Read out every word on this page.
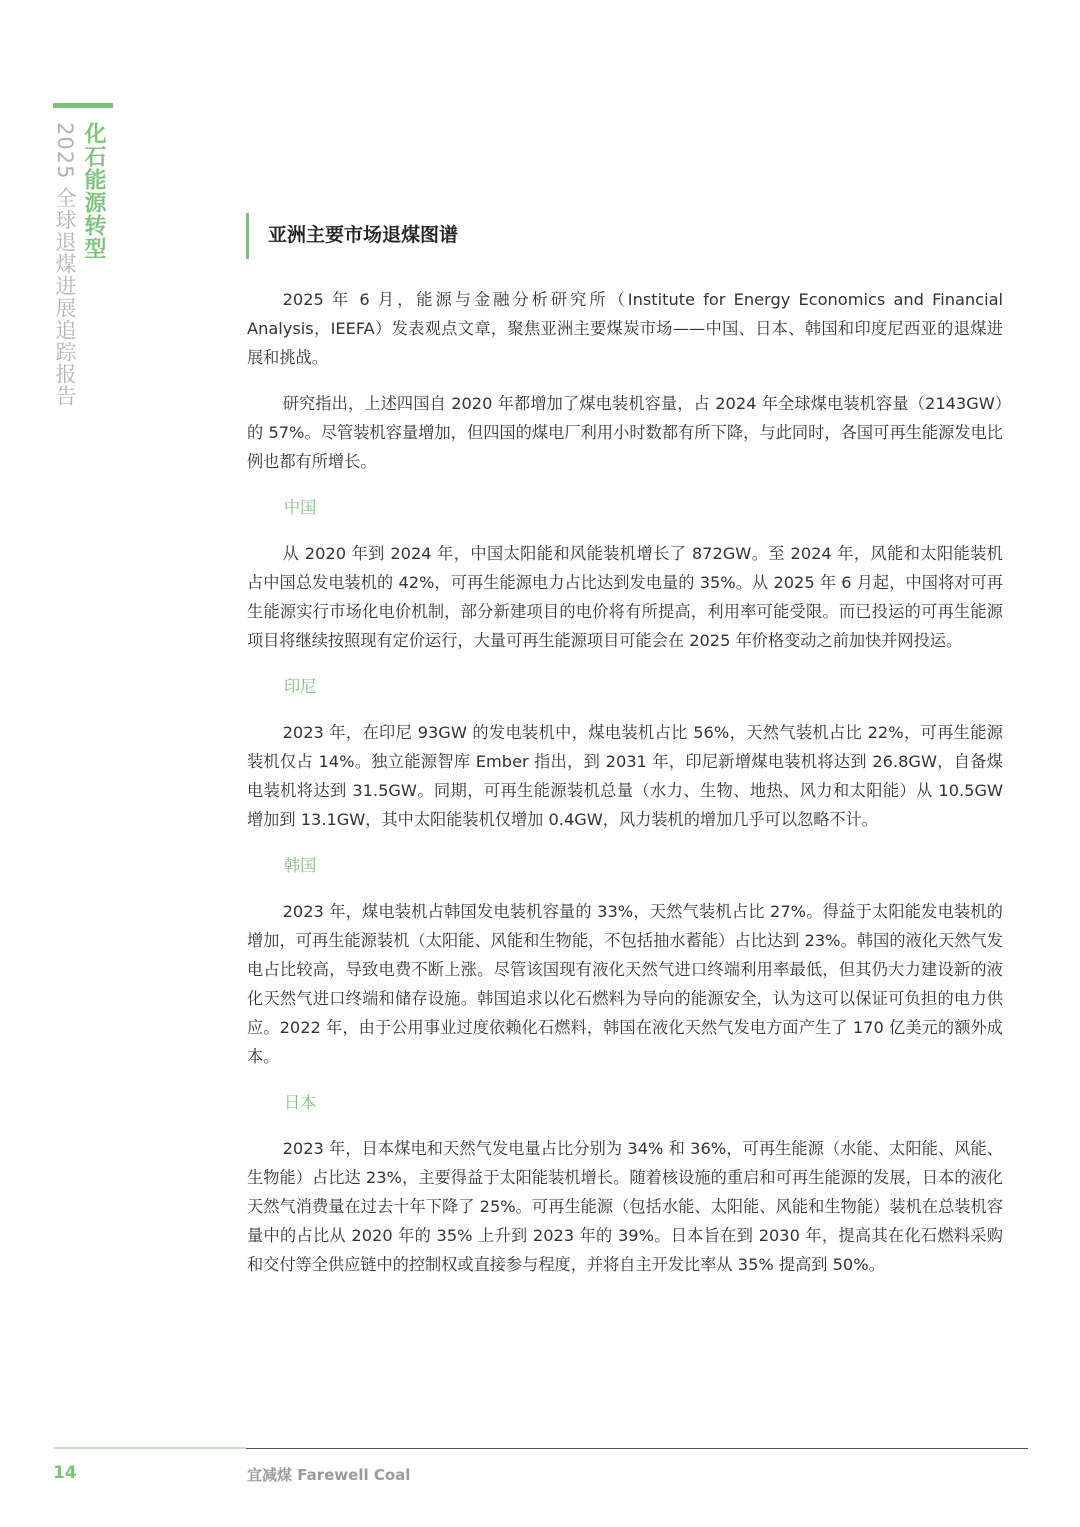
化石能源转型
2025 全球退煤进展追踪报告	亚洲主要市场退煤图谱

2025 年 6 月，能源与金融分析研究所（Institute for Energy Economics and Financial Analysis，IEEFA）发表观点文章，聚焦亚洲主要煤炭市场——中国、日本、韩国和印度尼西亚的退煤进展和挑战。

研究指出，上述四国自 2020 年都增加了煤电装机容量，占 2024 年全球煤电装机容量（2143GW）的 57%。尽管装机容量增加，但四国的煤电厂利用小时数都有所下降，与此同时，各国可再生能源发电比例也都有所增长。

中国

从 2020 年到 2024 年，中国太阳能和风能装机增长了 872GW。至 2024 年，风能和太阳能装机占中国总发电装机的 42%，可再生能源电力占比达到发电量的 35%。从 2025 年 6 月起，中国将对可再生能源实行市场化电价机制，部分新建项目的电价将有所提高，利用率可能受限。而已投运的可再生能源项目将继续按照现有定价运行，大量可再生能源项目可能会在 2025 年价格变动之前加快并网投运。

印尼

2023 年，在印尼 93GW 的发电装机中，煤电装机占比 56%，天然气装机占比 22%，可再生能源装机仅占 14%。独立能源智库 Ember 指出，到 2031 年，印尼新增煤电装机将达到 26.8GW，自备煤电装机将达到 31.5GW。同期，可再生能源装机总量（水力、生物、地热、风力和太阳能）从 10.5GW 增加到 13.1GW，其中太阳能装机仅增加 0.4GW，风力装机的增加几乎可以忽略不计。

韩国

2023 年，煤电装机占韩国发电装机容量的 33%，天然气装机占比 27%。得益于太阳能发电装机的增加，可再生能源装机（太阳能、风能和生物能，不包括抽水蓄能）占比达到 23%。韩国的液化天然气发电占比较高，导致电费不断上涨。尽管该国现有液化天然气进口终端利用率最低，但其仍大力建设新的液化天然气进口终端和储存设施。韩国追求以化石燃料为导向的能源安全，认为这可以保证可负担的电力供应。2022 年，由于公用事业过度依赖化石燃料，韩国在液化天然气发电方面产生了 170 亿美元的额外成本。

日本

2023 年，日本煤电和天然气发电量占比分别为 34% 和 36%，可再生能源（水能、太阳能、风能、生物能）占比达 23%，主要得益于太阳能装机增长。随着核设施的重启和可再生能源的发展，日本的液化天然气消费量在过去十年下降了 25%。可再生能源（包括水能、太阳能、风能和生物能）装机在总装机容量中的占比从 2020 年的 35% 上升到 2023 年的 39%。日本旨在到 2030 年，提高其在化石燃料采购和交付等全供应链中的控制权或直接参与程度，并将自主开发比率从 35% 提高到 50%。

14	宜减煤 Farewell Coal
